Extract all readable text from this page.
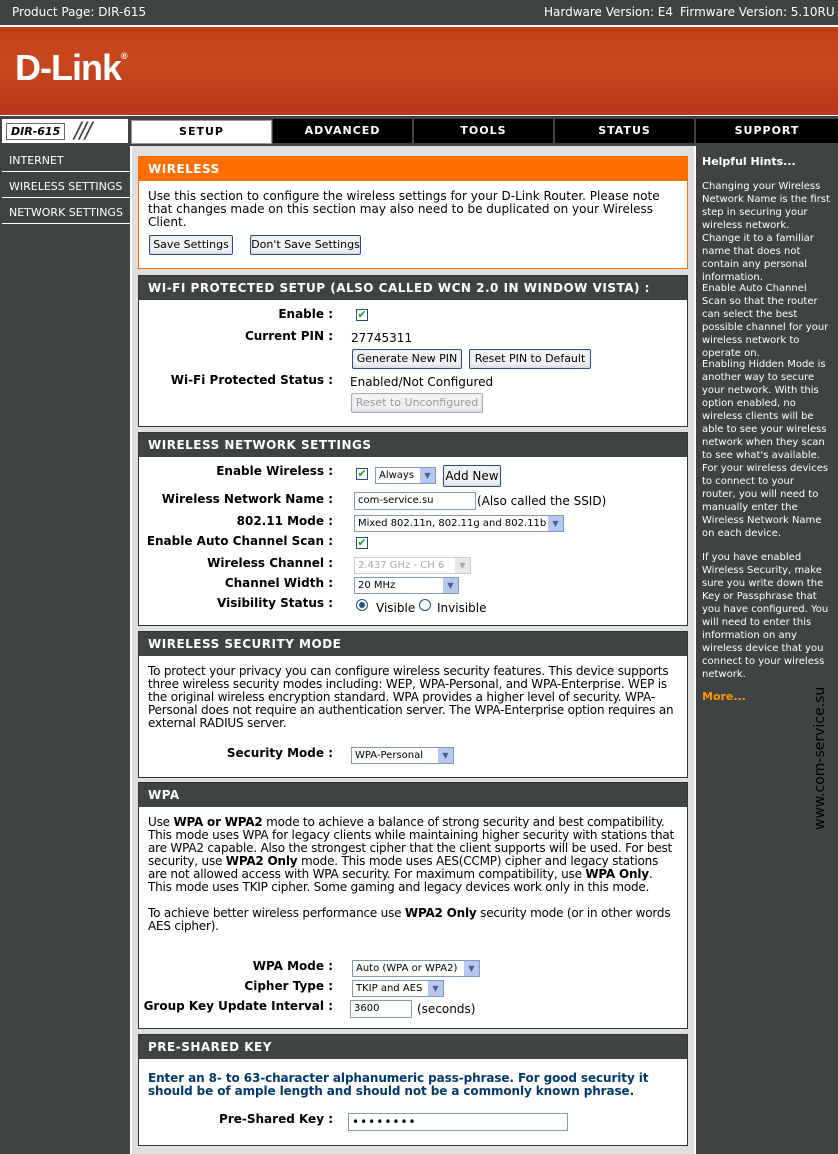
Product Page: DIR-615	Hardware Version: E4 Firmware Version: 5.10RU
D-Link®
DIR-615 ///	SETUP	ADVANCED	TOOLS	STATUS	SUPPORT
INTERNET
WIRELESS SETTINGS
NETWORK SETTINGS
WIRELESS
Use this section to configure the wireless settings for your D-Link Router. Please note that changes made on this section may also need to be duplicated on your Wireless Client.
Save Settings	Don't Save Settings
WI-FI PROTECTED SETUP (ALSO CALLED WCN 2.0 IN WINDOW VISTA) :
Enable : ✔
Current PIN : 27745311
Generate New PIN	Reset PIN to Default
Wi-Fi Protected Status : Enabled/Not Configured
Reset to Unconfigured
WIRELESS NETWORK SETTINGS
Enable Wireless : ✔	Always	▼	Add New
Wireless Network Name :	com-service.su	(Also called the SSID)
802.11 Mode :	Mixed 802.11n, 802.11g and 802.11b ▼
Enable Auto Channel Scan : ✔
Wireless Channel :	2.437 GHz - CH 6	▼
Channel Width :	20 MHz	▼
Visibility Status :	Visible Invisible
WIRELESS SECURITY MODE
To protect your privacy you can configure wireless security features. This device supports three wireless security modes including: WEP, WPA-Personal, and WPA-Enterprise. WEP is the original wireless encryption standard. WPA provides a higher level of security. WPA-Personal does not require an authentication server. The WPA-Enterprise option requires an external RADIUS server.
Security Mode :	WPA-Personal	▼
WPA
Use WPA or WPA2 mode to achieve a balance of strong security and best compatibility. This mode uses WPA for legacy clients while maintaining higher security with stations that are WPA2 capable. Also the strongest cipher that the client supports will be used. For best security, use WPA2 Only mode. This mode uses AES(CCMP) cipher and legacy stations are not allowed access with WPA security. For maximum compatibility, use WPA Only. This mode uses TKIP cipher. Some gaming and legacy devices work only in this mode.
To achieve better wireless performance use WPA2 Only security mode (or in other words AES cipher).
WPA Mode :	Auto (WPA or WPA2)	▼
Cipher Type :	TKIP and AES	▼
Group Key Update Interval :	3600	(seconds)
PRE-SHARED KEY
Enter an 8- to 63-character alphanumeric pass-phrase. For good security it should be of ample length and should not be a commonly known phrase.
Pre-Shared Key :	••••••••
Helpful Hints...

Changing your Wireless Network Name is the first step in securing your wireless network. Change it to a familiar name that does not contain any personal information.

Enable Auto Channel Scan so that the router can select the best possible channel for your wireless network to operate on.

Enabling Hidden Mode is another way to secure your network. With this option enabled, no wireless clients will be able to see your wireless network when they scan to see what's available. For your wireless devices to connect to your router, you will need to manually enter the Wireless Network Name on each device.

If you have enabled Wireless Security, make sure you write down the Key or Passphrase that you have configured. You will need to enter this information on any wireless device that you connect to your wireless network.

More...	www.com-service.su
